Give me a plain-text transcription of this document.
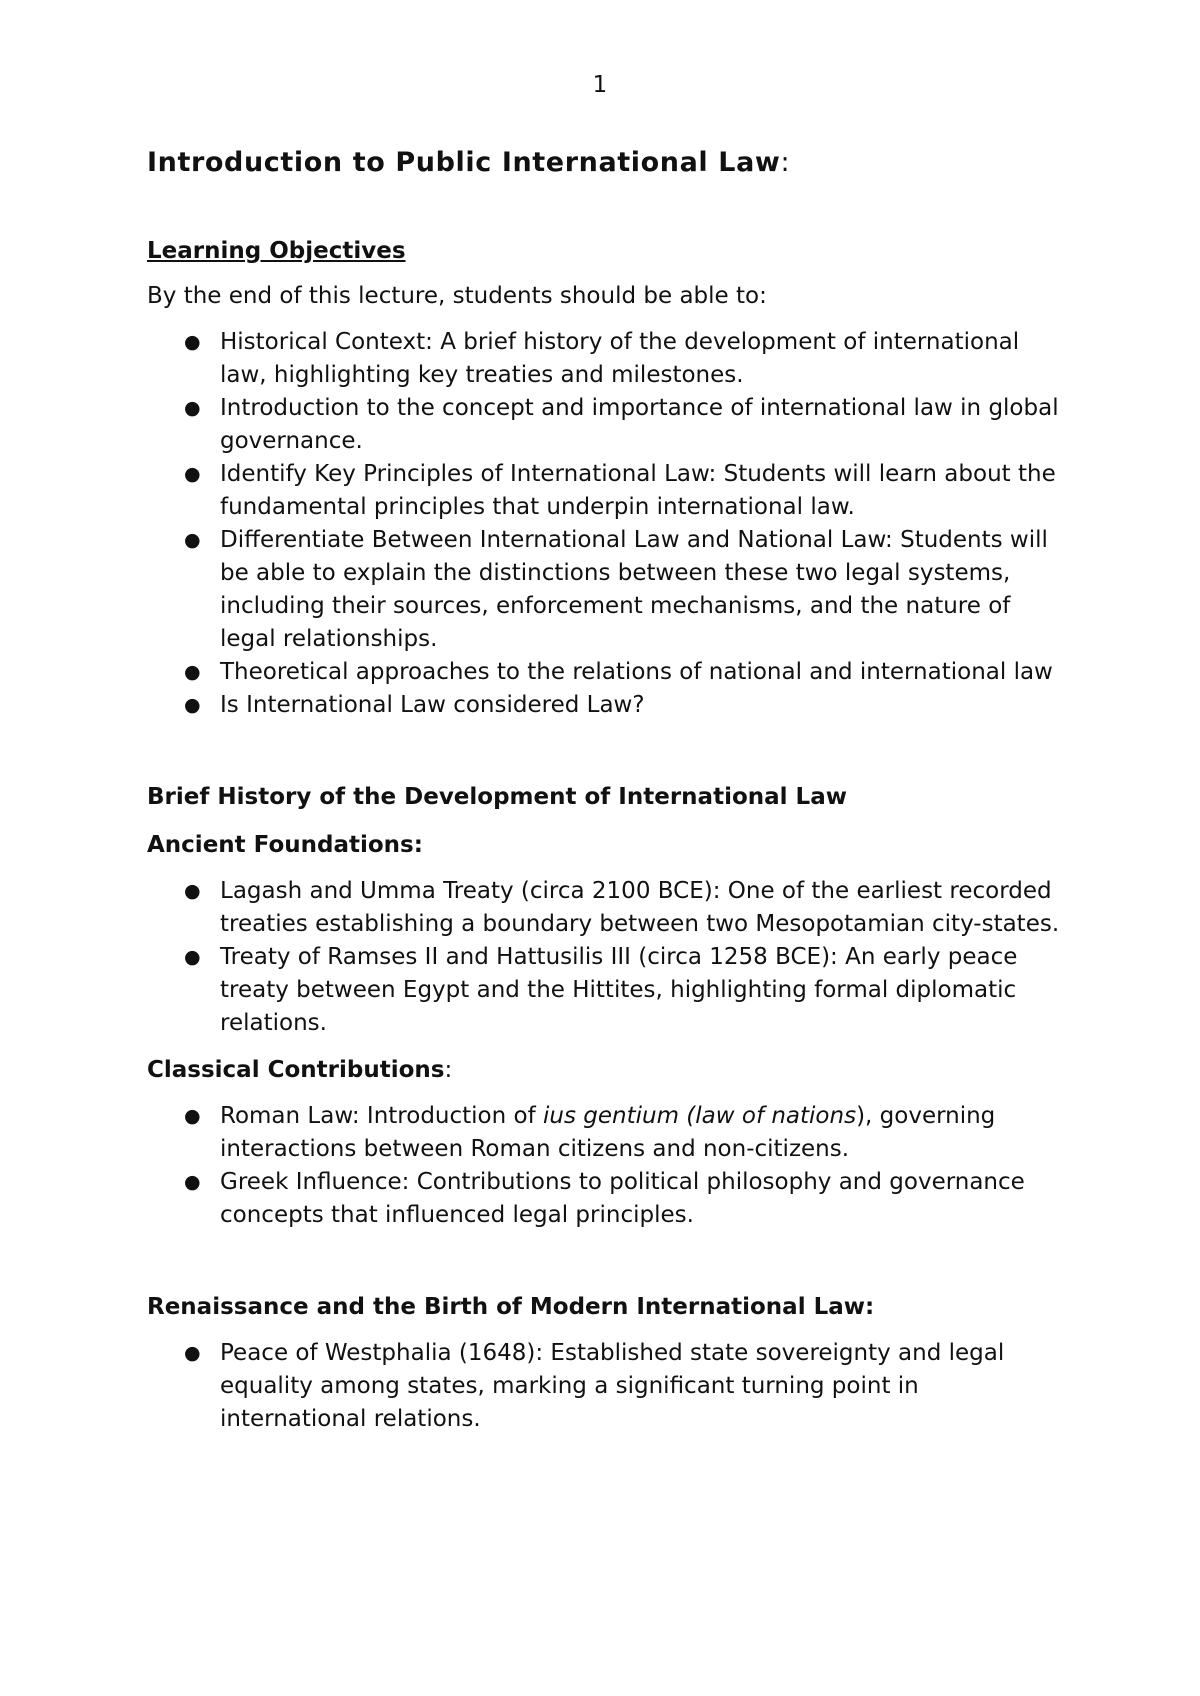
1
Introduction to Public International Law:
Learning Objectives

By the end of this lecture, students should be able to:

● Historical Context: A brief history of the development of international law, highlighting key treaties and milestones.
● Introduction to the concept and importance of international law in global governance.
● Identify Key Principles of International Law: Students will learn about the fundamental principles that underpin international law.
● Differentiate Between International Law and National Law: Students will be able to explain the distinctions between these two legal systems, including their sources, enforcement mechanisms, and the nature of legal relationships.
● Theoretical approaches to the relations of national and international law
● Is International Law considered Law?
Brief History of the Development of International Law
Ancient Foundations:
● Lagash and Umma Treaty (circa 2100 BCE): One of the earliest recorded treaties establishing a boundary between two Mesopotamian city-states.
● Treaty of Ramses II and Hattusilis III (circa 1258 BCE): An early peace treaty between Egypt and the Hittites, highlighting formal diplomatic relations.
Classical Contributions:
● Roman Law: Introduction of ius gentium (law of nations), governing interactions between Roman citizens and non-citizens.
● Greek Influence: Contributions to political philosophy and governance concepts that influenced legal principles.
Renaissance and the Birth of Modern International Law:
● Peace of Westphalia (1648): Established state sovereignty and legal equality among states, marking a significant turning point in international relations.
